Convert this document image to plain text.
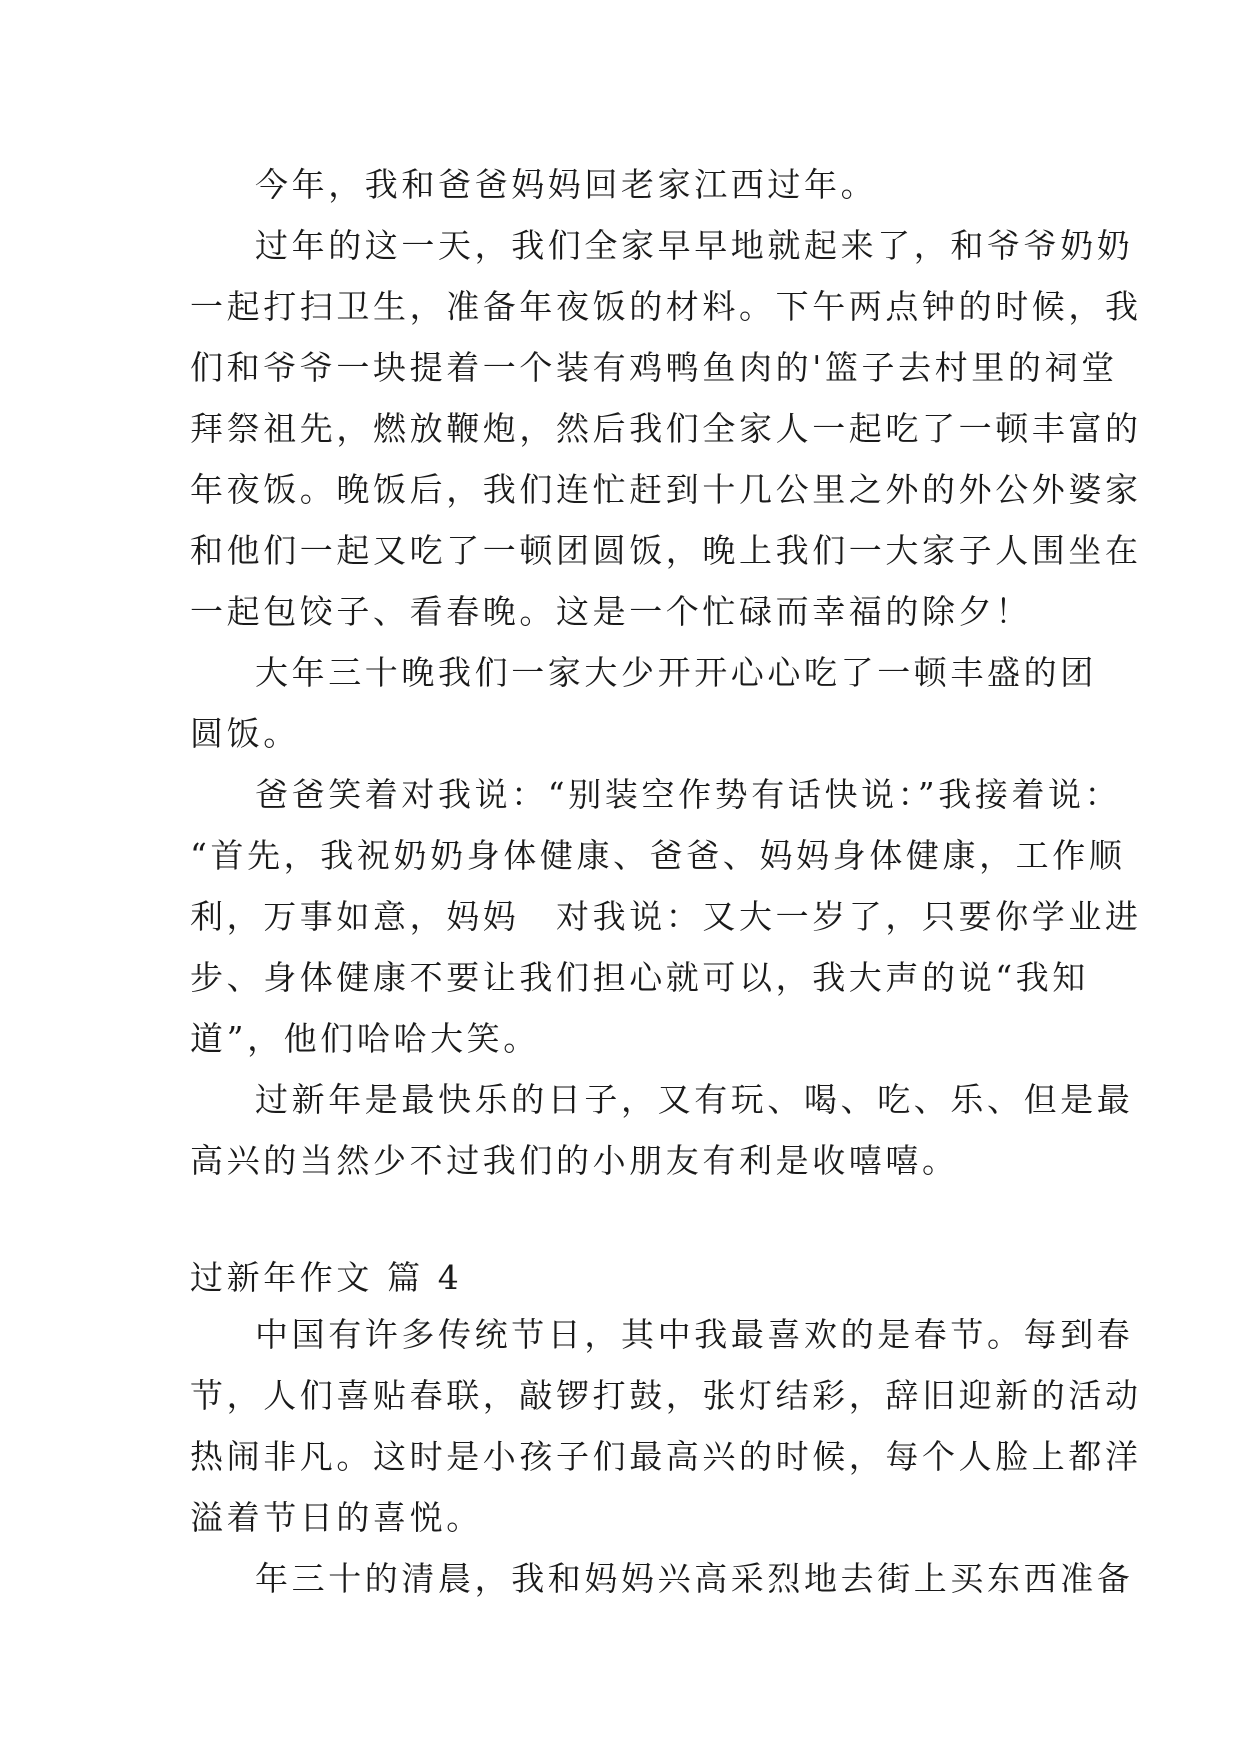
今年，我和爸爸妈妈回老家江西过年。
过年的这一天，我们全家早早地就起来了，和爷爷奶奶
一起打扫卫生，准备年夜饭的材料。下午两点钟的时候，我
们和爷爷一块提着一个装有鸡鸭鱼肉的'篮子去村里的祠堂
拜祭祖先，燃放鞭炮，然后我们全家人一起吃了一顿丰富的
年夜饭。晚饭后，我们连忙赶到十几公里之外的外公外婆家
和他们一起又吃了一顿团圆饭，晚上我们一大家子人围坐在
一起包饺子、看春晚。这是一个忙碌而幸福的除夕！
大年三十晚我们一家大少开开心心吃了一顿丰盛的团
圆饭。
爸爸笑着对我说：“别装空作势有话快说：”我接着说：
“首先，我祝奶奶身体健康、爸爸、妈妈身体健康，工作顺
利，万事如意，妈妈　对我说：又大一岁了，只要你学业进
步、身体健康不要让我们担心就可以，我大声的说“我知
道”，他们哈哈大笑。
过新年是最快乐的日子，又有玩、喝、吃、乐、但是最
高兴的当然少不过我们的小朋友有利是收嘻嘻。
过新年作文 篇 4
中国有许多传统节日，其中我最喜欢的是春节。每到春
节，人们喜贴春联，敲锣打鼓，张灯结彩，辞旧迎新的活动
热闹非凡。这时是小孩子们最高兴的时候，每个人脸上都洋
溢着节日的喜悦。
年三十的清晨，我和妈妈兴高采烈地去街上买东西准备
